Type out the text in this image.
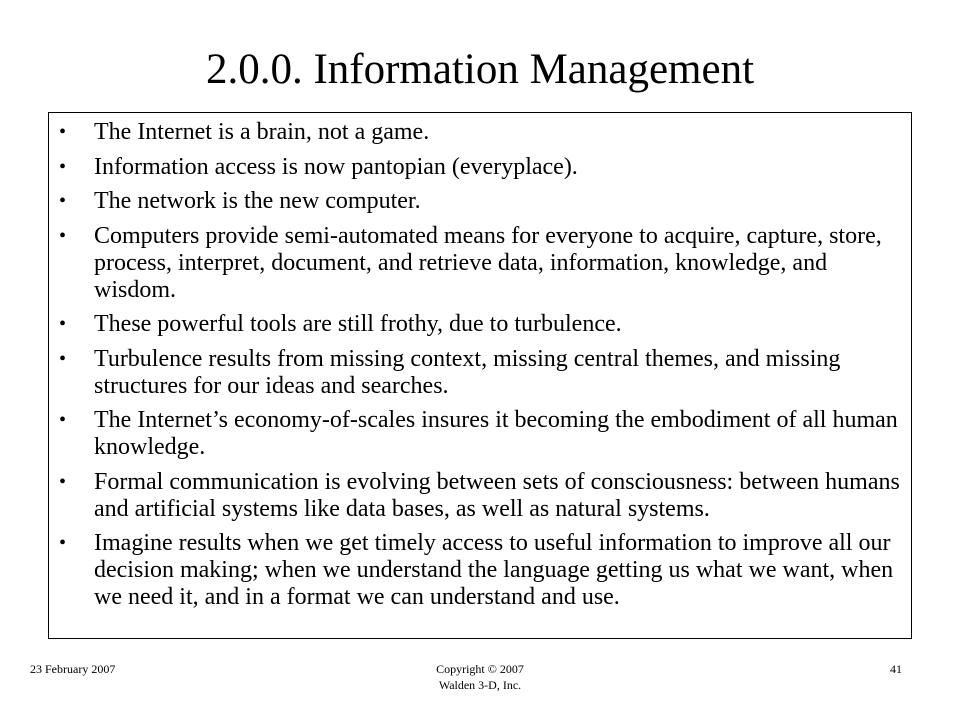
2.0.0. Information Management
• The Internet is a brain, not a game.
• Information access is now pantopian (everyplace).
• The network is the new computer.
• Computers provide semi-automated means for everyone to acquire, capture, store, process, interpret, document, and retrieve data, information, knowledge, and wisdom.
• These powerful tools are still frothy, due to turbulence.
• Turbulence results from missing context, missing central themes, and missing structures for our ideas and searches.
• The Internet’s economy-of-scales insures it becoming the embodiment of all human knowledge.
• Formal communication is evolving between sets of consciousness: between humans and artificial systems like data bases, as well as natural systems.
• Imagine results when we get timely access to useful information to improve all our decision making; when we understand the language getting us what we want, when we need it, and in a format we can understand and use.
23 February 2007	Copyright © 2007
Walden 3-D, Inc.
41
